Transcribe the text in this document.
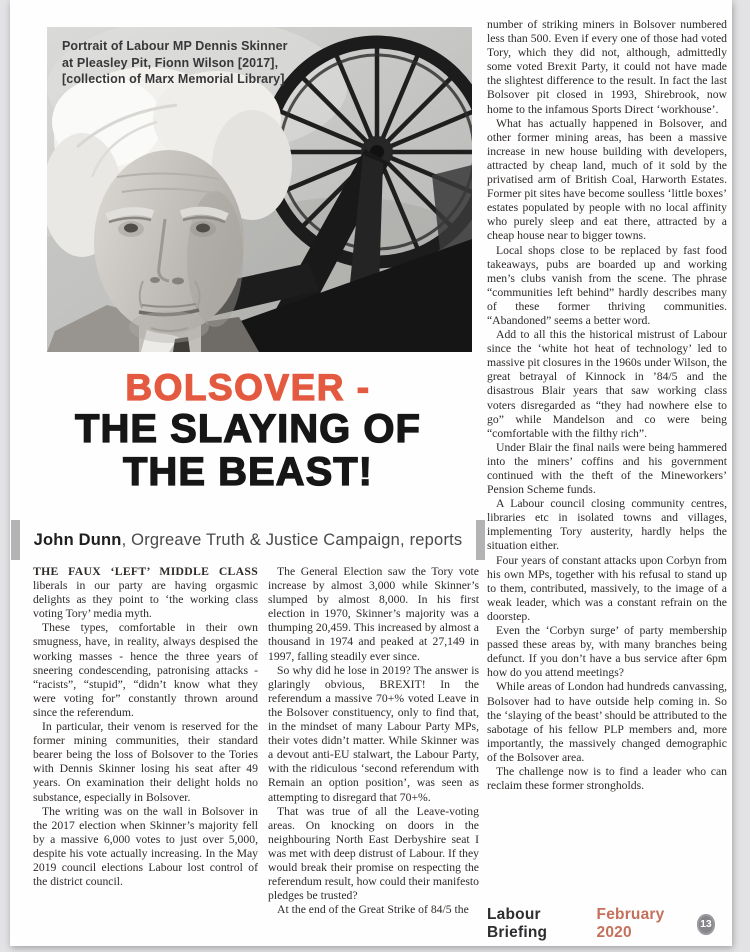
Portrait of Labour MP Dennis Skinner
at Pleasley Pit, Fionn Wilson [2017],
[collection of Marx Memorial Library]
BOLSOVER -
THE SLAYING OF
THE BEAST!
John Dunn, Orgreave Truth & Justice Campaign, reports

THE FAUX ‘LEFT’ MIDDLE CLASS liberals in our party are having orgasmic delights as they point to ‘the working class voting Tory’ media myth.

These types, comfortable in their own smugness, have, in reality, always despised the working masses - hence the three years of sneering condescending, patronising attacks - “racists”, “stupid”, “didn’t know what they were voting for” constantly thrown around since the referendum.

In particular, their venom is reserved for the former mining communities, their standard bearer being the loss of Bolsover to the Tories with Dennis Skinner losing his seat after 49 years. On examination their delight holds no substance, especially in Bolsover.

The writing was on the wall in Bolsover in the 2017 election when Skinner’s majority fell by a massive 6,000 votes to just over 5,000, despite his vote actually increasing. In the May 2019 council elections Labour lost control of the district council.

The General Election saw the Tory vote increase by almost 3,000 while Skinner’s slumped by almost 8,000. In his first election in 1970, Skinner’s majority was a thumping 20,459. This increased by almost a thousand in 1974 and peaked at 27,149 in 1997, falling steadily ever since.

So why did he lose in 2019? The answer is glaringly obvious, BREXIT! In the referendum a massive 70+% voted Leave in the Bolsover constituency, only to find that, in the mindset of many Labour Party MPs, their votes didn’t matter. While Skinner was a devout anti-EU stalwart, the Labour Party, with the ridiculous ‘second referendum with Remain an option position’, was seen as attempting to disregard that 70+%.

That was true of all the Leave-voting areas. On knocking on doors in the neighbouring North East Derbyshire seat I was met with deep distrust of Labour. If they would break their promise on respecting the referendum result, how could their manifesto pledges be trusted?

At the end of the Great Strike of 84/5 the

number of striking miners in Bolsover numbered less than 500. Even if every one of those had voted Tory, which they did not, although, admittedly some voted Brexit Party, it could not have made the slightest difference to the result. In fact the last Bolsover pit closed in 1993, Shirebrook, now home to the infamous Sports Direct ‘workhouse’.

What has actually happened in Bolsover, and other former mining areas, has been a massive increase in new house building with developers, attracted by cheap land, much of it sold by the privatised arm of British Coal, Harworth Estates. Former pit sites have become soulless ‘little boxes’ estates populated by people with no local affinity who purely sleep and eat there, attracted by a cheap house near to bigger towns.

Local shops close to be replaced by fast food takeaways, pubs are boarded up and working men’s clubs vanish from the scene. The phrase “communities left behind” hardly describes many of these former thriving communities. “Abandoned” seems a better word.

Add to all this the historical mistrust of Labour since the ‘white hot heat of technology’ led to massive pit closures in the 1960s under Wilson, the great betrayal of Kinnock in ’84/5 and the disastrous Blair years that saw working class voters disregarded as “they had nowhere else to go” while Mandelson and co were being “comfortable with the filthy rich”.

Under Blair the final nails were being hammered into the miners’ coffins and his government continued with the theft of the Mineworkers’ Pension Scheme funds.

A Labour council closing community centres, libraries etc in isolated towns and villages, implementing Tory austerity, hardly helps the situation either.

Four years of constant attacks upon Corbyn from his own MPs, together with his refusal to stand up to them, contributed, massively, to the image of a weak leader, which was a constant refrain on the doorstep.

Even the ‘Corbyn surge’ of party membership passed these areas by, with many branches being defunct. If you don’t have a bus service after 6pm how do you attend meetings?

While areas of London had hundreds canvassing, Bolsover had to have outside help coming in. So the ‘slaying of the beast’ should be attributed to the sabotage of his fellow PLP members and, more importantly, the massively changed demographic of the Bolsover area.

The challenge now is to find a leader who can reclaim these former strongholds.

Labour Briefing
February 2020	13
